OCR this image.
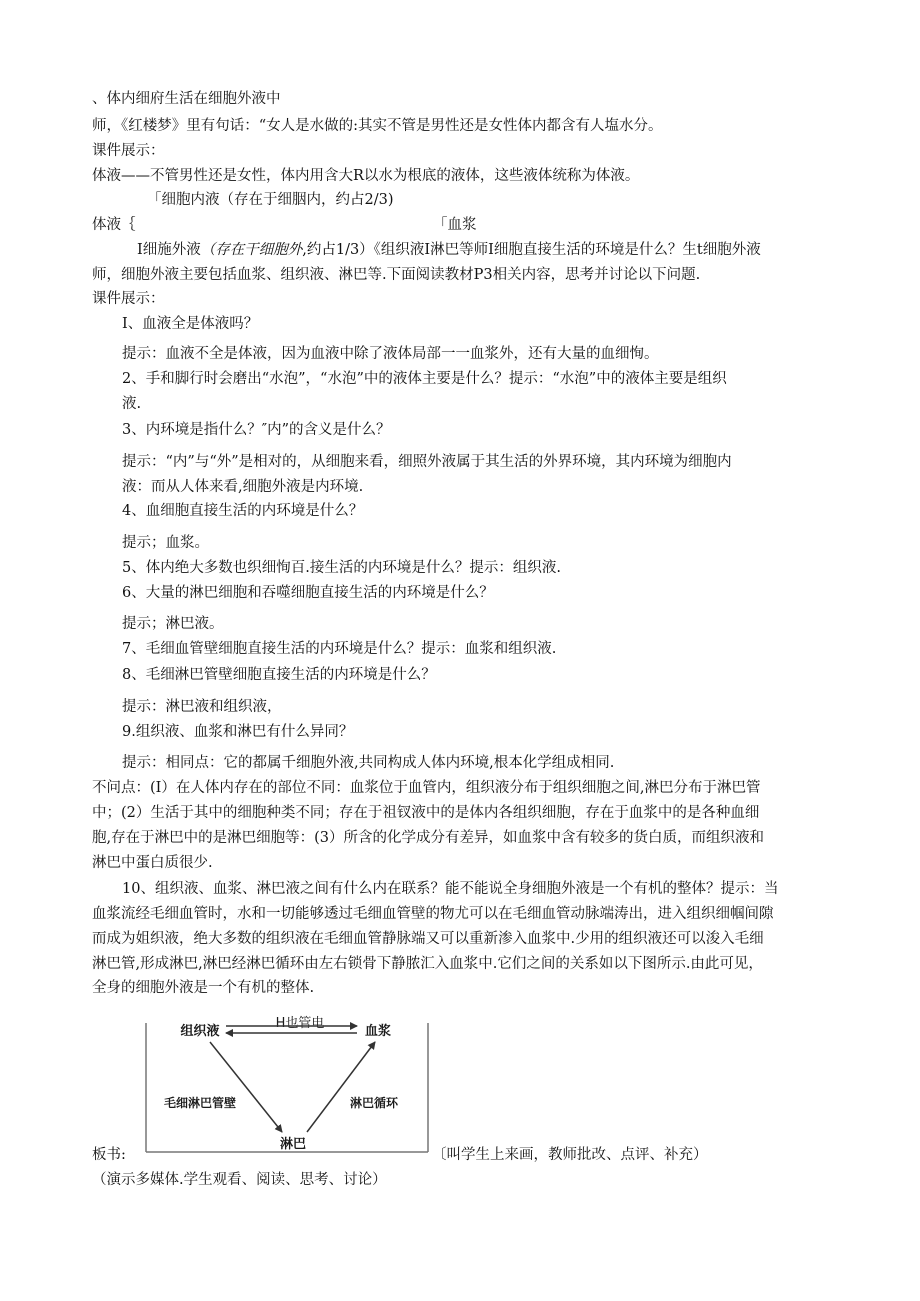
、体内细府生活在细胞外液中
师，《红楼梦》里有句话：“女人是水做的:其实不管是男性还是女性体内都含有人塩水分。
课件展示：
体液——不管男性还是女性，体内用含大R以水为根底的液体，这些液体统称为体液。
「细胞内液（存在于细胭内，约占2/3)
体液｛	「血浆
I细施外液（存在干细胞外,约占1/3）《组织液I淋巴等师I细胞直接生活的环境是什么？生t细胞外液
师，细胞外液主要包括血浆、组织液、淋巴等.下面阅读教材P3相关内容，思考并讨论以下问题.
课件展示：
I、血液全是体液吗？
提示：血液不全是体液，因为血液中除了液体局部一一血浆外，还有大量的血细恂。
2、手和脚行时会磨出“水泡”，“水泡”中的液体主要是什么？提示：“水泡”中的液体主要是组织
液.
3、内环境是指什么？″内”的含义是什么？
提示：“内”与“外”是相对的，从细胞来看，细照外液属于其生活的外界环境，其内环境为细胞内
液：而从人体来看,细胞外液是内环境.
4、血细胞直接生活的内环境是什么？
提示；血浆。
5、体内绝大多数也织细恂百.接生活的内环境是什么？提示：组织液.
6、大量的淋巴细胞和吞噬细胞直接生活的内环境是什么？
提示；淋巴液。
7、毛细血管壁细胞直接生活的内环境是什么？提示：血浆和组织液.
8、毛细淋巴管壁细胞直接生活的内环境是什么？
提示：淋巴液和组织液，
9.组织液、血浆和淋巴有什么异同？
提示：相同点：它的都属千细胞外液,共同构成人体内环境,根本化学组成相同.
不问点：(I）在人体内存在的部位不同：血浆位于血管内，组织液分布于组织细胞之间,淋巴分布于淋巴管
中；(2）生活于其中的细胞种类不同；存在于祖钗液中的是体内各组织细胞，存在于血浆中的是各种血细
胞,存在于淋巴中的是淋巴细胞等：(3）所含的化学成分有差异，如血浆中含有较多的货白质，而组织液和
淋巴中蛋白质很少.
10、组织液、血浆、淋巴液之间有什么内在联系？能不能说全身细胞外液是一个有机的整体？提示：当
血浆流经毛细血管时，水和一切能够透过毛细血管壁的物尤可以在毛细血管动脉端涛出，进入组织细帼间隙
而成为姐织液，绝大多数的组织液在毛细血管静脉端又可以重新渗入血浆中.少用的组织液还可以浚入毛细
淋巴管,形成淋巴,淋巴经淋巴循环由左右锁骨下静脓汇入血浆中.它们之间的关系如以下图所示.由此可见，
全身的细胞外液是一个有机的整体.
板书:	〔叫学生上来画，教师批改、点评、补充）
（演示多媒体.学生观看、阅读、思考、讨论）
H也管电
组织液	血浆
淋巴
毛细淋巴管壁	淋巴循环
